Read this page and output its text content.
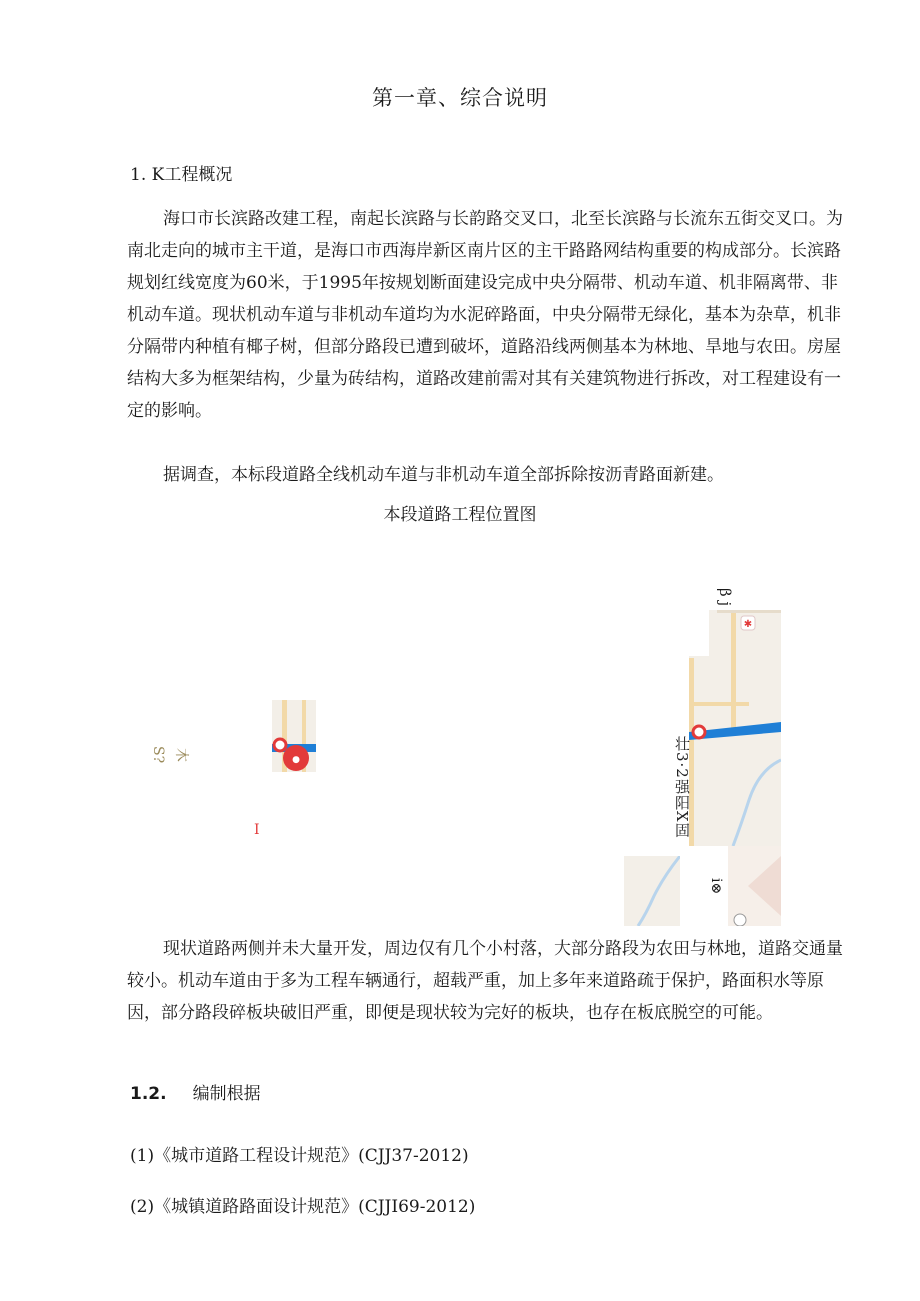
第一章、综合说明
1. K工程概况
海口市长滨路改建工程，南起长滨路与长韵路交叉口，北至长滨路与长流东五街交叉口。为南北走向的城市主干道，是海口市西海岸新区南片区的主干路路网结构重要的构成部分。长滨路规划红线宽度为60米，于1995年按规划断面建设完成中央分隔带、机动车道、机非隔离带、非机动车道。现状机动车道与非机动车道均为水泥碎路面，中央分隔带无绿化，基本为杂草，机非分隔带内种植有椰子树，但部分路段已遭到破坏，道路沿线两侧基本为林地、旱地与农田。房屋结构大多为框架结构，少量为砖结构，道路改建前需对其有关建筑物进行拆改，对工程建设有一定的影响。
据调查，本标段道路全线机动车道与非机动车道全部拆除按沥青路面新建。
本段道路工程位置图
S? 木
I
●
β j
✱
壮3·2强阳X固
i⊗
现状道路两侧并未大量开发，周边仅有几个小村落，大部分路段为农田与林地，道路交通量较小。机动车道由于多为工程车辆通行，超载严重，加上多年来道路疏于保护，路面积水等原因，部分路段碎板块破旧严重，即便是现状较为完好的板块，也存在板底脱空的可能。
1.2. 编制根据
(1)《城市道路工程设计规范》(CJJ37-2012)
(2)《城镇道路路面设计规范》(CJJI69-2012)
